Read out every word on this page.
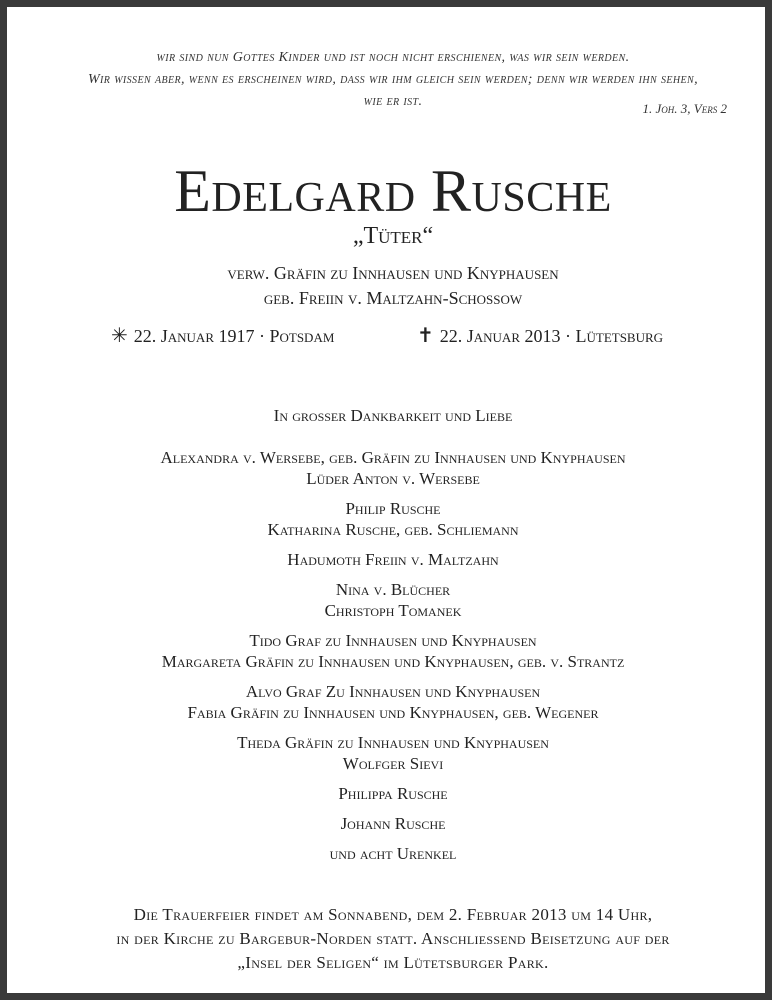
wir sind nun Gottes Kinder und ist noch nicht erschienen, was wir sein werden.
Wir wissen aber, wenn es erscheinen wird, dass wir ihm gleich sein werden; denn wir werden ihn sehen,
wie er ist.	1. Joh. 3, Vers 2
Edelgard Rusche
„Tüter“
verw. Gräfin zu Innhausen und Knyphausen
geb. Freiin v. Maltzahn-Schossow
✳ 22. Januar 1917 · Potsdam	✝ 22. Januar 2013 · Lütetsburg
In grosser Dankbarkeit und Liebe
Alexandra v. Wersebe, geb. Gräfin zu Innhausen und Knyphausen
Lüder Anton v. Wersebe
Philip Rusche
Katharina Rusche, geb. Schliemann
Hadumoth Freiin v. Maltzahn
Nina v. Blücher
Christoph Tomanek
Tido Graf zu Innhausen und Knyphausen
Margareta Gräfin zu Innhausen und Knyphausen, geb. v. Strantz
Alvo Graf Zu Innhausen und Knyphausen
Fabia Gräfin zu Innhausen und Knyphausen, geb. Wegener
Theda Gräfin zu Innhausen und Knyphausen
Wolfger Sievi
Philippa Rusche
Johann Rusche
und acht Urenkel
Die Trauerfeier findet am Sonnabend, dem 2. Februar 2013 um 14 Uhr,
in der Kirche zu Bargebur-Norden statt. Anschliessend Beisetzung auf der
„Insel der Seligen“ im Lütetsburger Park.
